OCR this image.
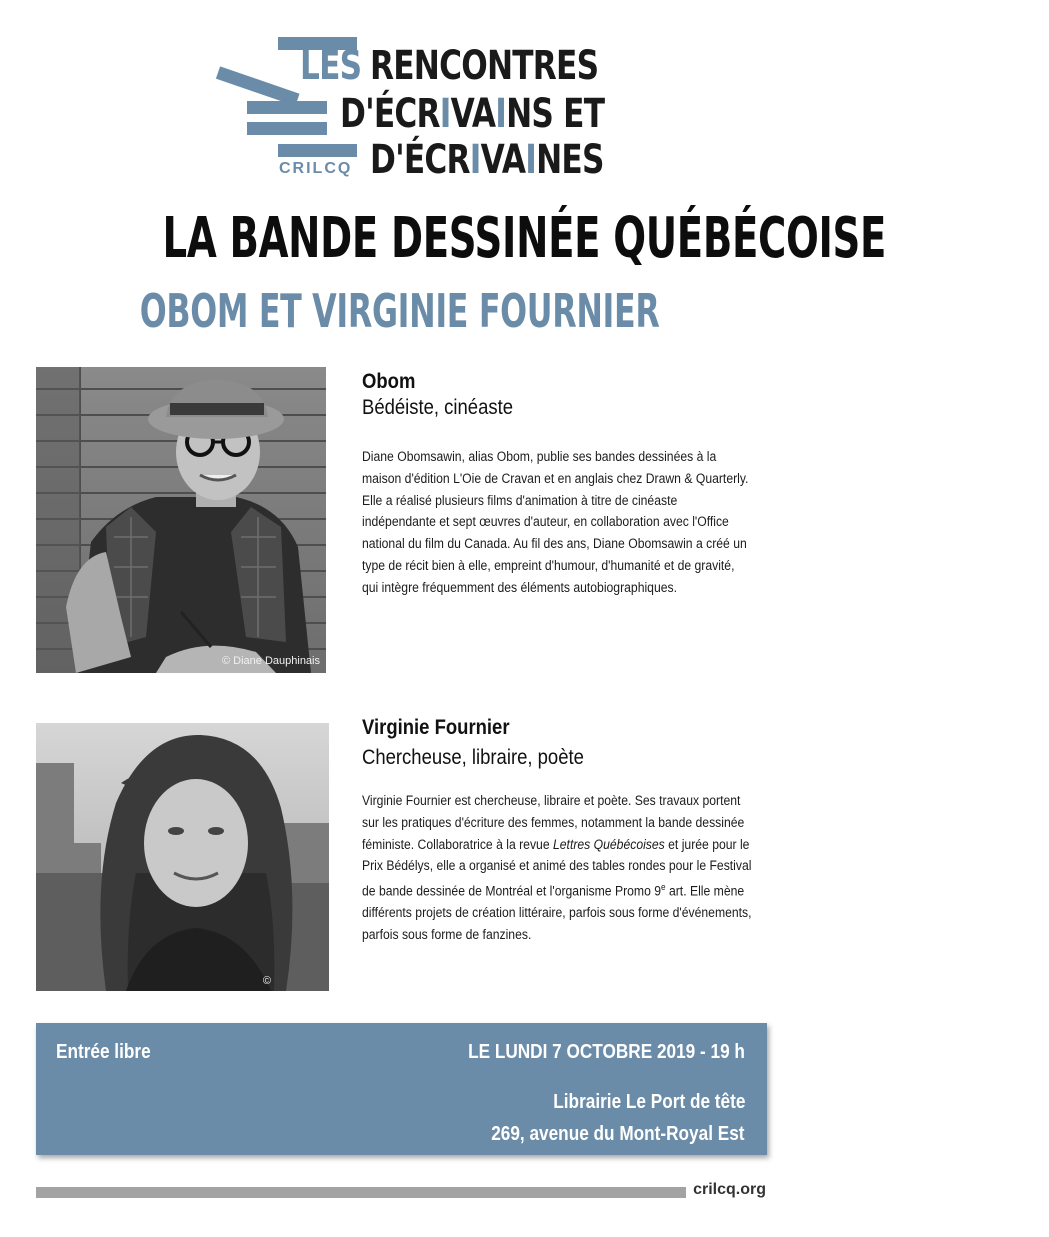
LES RENCONTRES
D'ÉCRIVAINS ET
D'ÉCRIVAINES
CRILCQ
LA BANDE DESSINÉE QUÉBÉCOISE
OBOM ET VIRGINIE FOURNIER
© Diane Dauphinais
Obom
Bédéiste, cinéaste

Diane Obomsawin, alias Obom, publie ses bandes dessinées à la maison d'édition L'Oie de Cravan et en anglais chez Drawn & Quarterly. Elle a réalisé plusieurs films d'animation à titre de cinéaste indépendante et sept œuvres d'auteur, en collaboration avec l'Office national du film du Canada. Au fil des ans, Diane Obomsawin a créé un type de récit bien à elle, empreint d'humour, d'humanité et de gravité, qui intègre fréquemment des éléments autobiographiques.

©
Virginie Fournier
Chercheuse, libraire, poète

Virginie Fournier est chercheuse, libraire et poète. Ses travaux portent sur les pratiques d'écriture des femmes, notamment la bande dessinée féministe. Collaboratrice à la revue Lettres Québécoises et jurée pour le Prix Bédélys, elle a organisé et animé des tables rondes pour le Festival de bande dessinée de Montréal et l'organisme Promo 9e art. Elle mène différents projets de création littéraire, parfois sous forme d'événements, parfois sous forme de fanzines.

Entrée libre	LE LUNDI 7 OCTOBRE 2019 - 19 h
Librairie Le Port de tête
269, avenue du Mont-Royal Est
crilcq.org
